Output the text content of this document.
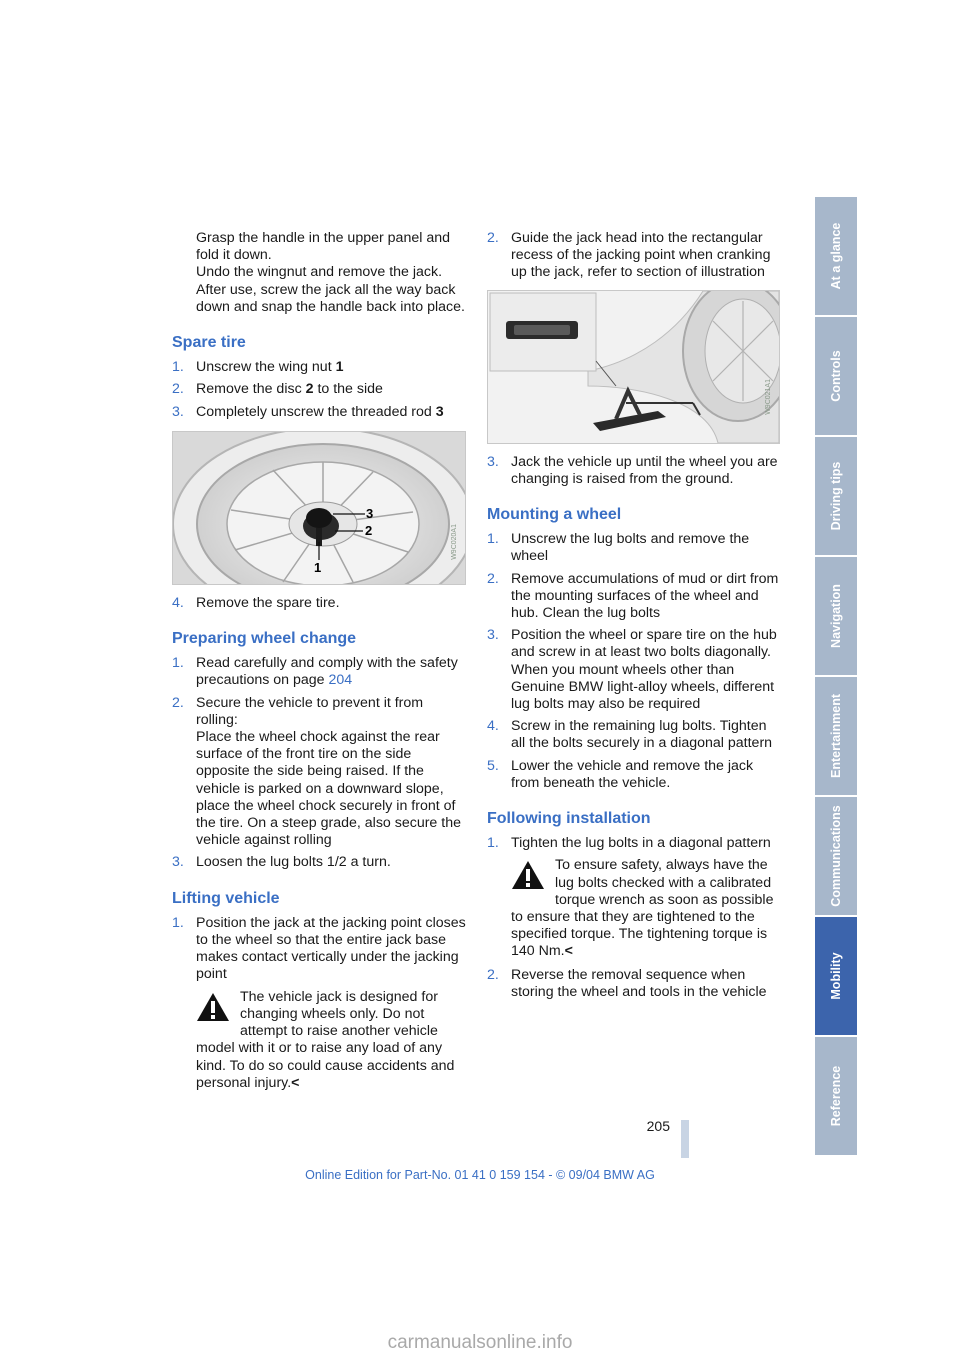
Grasp the handle in the upper panel and fold it down.
Undo the wingnut and remove the jack. After use, screw the jack all the way back down and snap the handle back into place.

Spare tire
1. Unscrew the wing nut 1
2. Remove the disc 2 to the side
3. Completely unscrew the threaded rod 3
3
2
1
W9C020A1
4. Remove the spare tire.
Preparing wheel change
1. Read carefully and comply with the safety precautions on page 204
2. Secure the vehicle to prevent it from rolling:
Place the wheel chock against the rear surface of the front tire on the side opposite the side being raised. If the vehicle is parked on a downward slope, place the wheel chock securely in front of the tire. On a steep grade, also secure the vehicle against rolling
3. Loosen the lug bolts 1/2 a turn.
Lifting vehicle
1. Position the jack at the jacking point closes to the wheel so that the entire jack base makes contact vertically under the jacking point
The vehicle jack is designed for changing wheels only. Do not attempt to raise another vehicle model with it or to raise any load of any kind. To do so could cause accidents and personal injury.<
2. Guide the jack head into the rectangular recess of the jacking point when cranking up the jack, refer to section of illustration
W9C021A1
3. Jack the vehicle up until the wheel you are changing is raised from the ground.
Mounting a wheel
1. Unscrew the lug bolts and remove the wheel
2. Remove accumulations of mud or dirt from the mounting surfaces of the wheel and hub. Clean the lug bolts
3. Position the wheel or spare tire on the hub and screw in at least two bolts diagonally.
When you mount wheels other than Genuine BMW light-alloy wheels, different lug bolts may also be required
4. Screw in the remaining lug bolts. Tighten all the bolts securely in a diagonal pattern
5. Lower the vehicle and remove the jack from beneath the vehicle.
Following installation
1. Tighten the lug bolts in a diagonal pattern
To ensure safety, always have the lug bolts checked with a calibrated torque wrench as soon as possible to ensure that they are tightened to the specified torque. The tightening torque is 140 Nm.<
2. Reverse the removal sequence when storing the wheel and tools in the vehicle
At a glance
Controls
Driving tips
Navigation
Entertainment
Communications
Mobility
Reference
205
Online Edition for Part-No. 01 41 0 159 154 - © 09/04 BMW AG
carmanualsonline.info
